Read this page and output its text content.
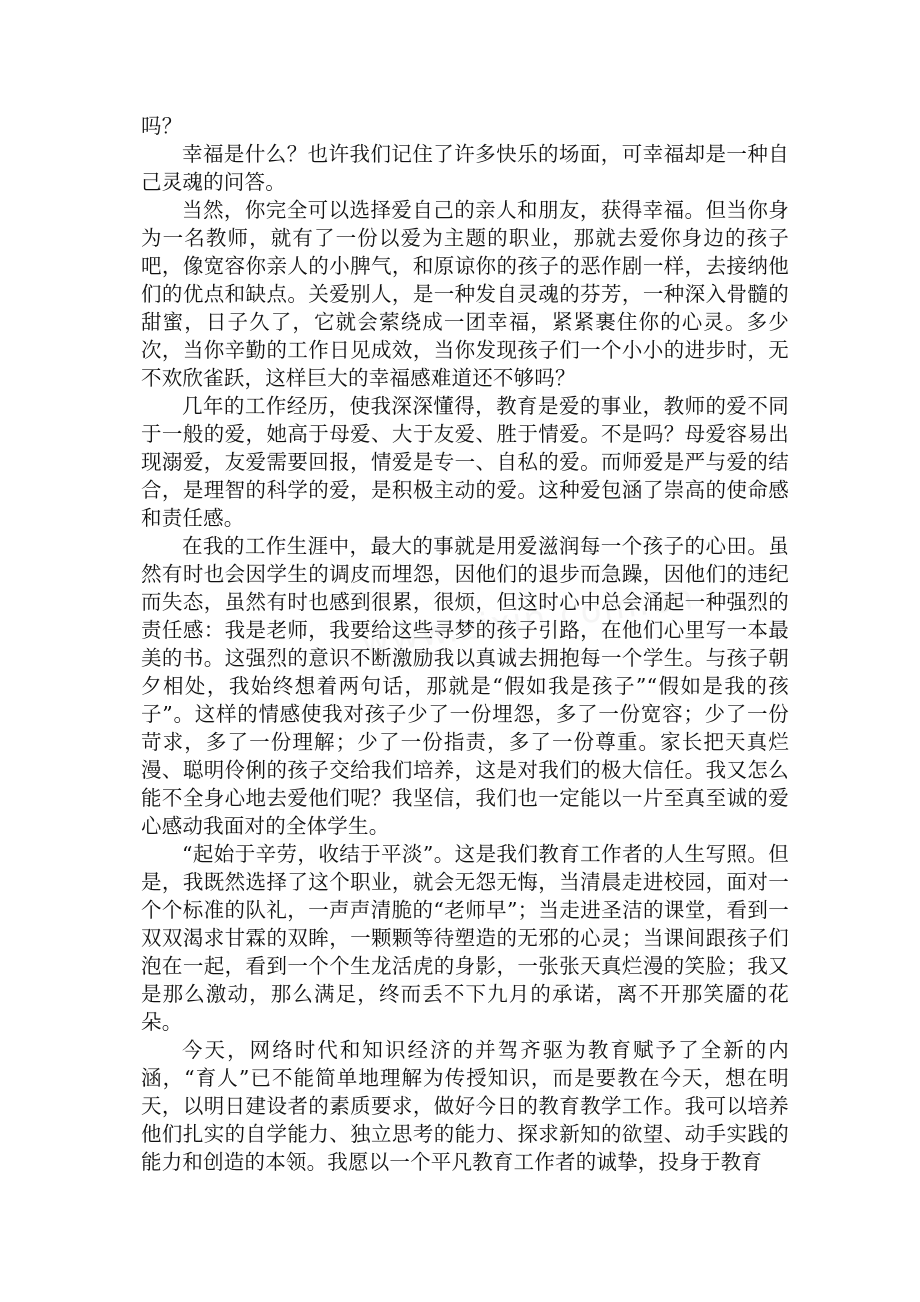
吗？

幸福是什么？也许我们记住了许多快乐的场面，可幸福却是一种自己灵魂的问答。

当然，你完全可以选择爱自己的亲人和朋友，获得幸福。但当你身为一名教师，就有了一份以爱为主题的职业，那就去爱你身边的孩子吧，像宽容你亲人的小脾气，和原谅你的孩子的恶作剧一样，去接纳他们的优点和缺点。关爱别人，是一种发自灵魂的芬芳，一种深入骨髓的甜蜜，日子久了，它就会萦绕成一团幸福，紧紧裹住你的心灵。多少次，当你辛勤的工作日见成效，当你发现孩子们一个小小的进步时，无不欢欣雀跃，这样巨大的幸福感难道还不够吗？

几年的工作经历，使我深深懂得，教育是爱的事业，教师的爱不同于一般的爱，她高于母爱、大于友爱、胜于情爱。不是吗？母爱容易出现溺爱，友爱需要回报，情爱是专一、自私的爱。而师爱是严与爱的结合，是理智的科学的爱，是积极主动的爱。这种爱包涵了崇高的使命感和责任感。

在我的工作生涯中，最大的事就是用爱滋润每一个孩子的心田。虽然有时也会因学生的调皮而埋怨，因他们的退步而急躁，因他们的违纪而失态，虽然有时也感到很累，很烦，但这时心中总会涌起一种强烈的责任感：我是老师，我要给这些寻梦的孩子引路，在他们心里写一本最美的书。这强烈的意识不断激励我以真诚去拥抱每一个学生。与孩子朝夕相处，我始终想着两句话，那就是“假如我是孩子”“假如是我的孩子”。这样的情感使我对孩子少了一份埋怨，多了一份宽容；少了一份苛求，多了一份理解；少了一份指责，多了一份尊重。家长把天真烂漫、聪明伶俐的孩子交给我们培养，这是对我们的极大信任。我又怎么能不全身心地去爱他们呢？我坚信，我们也一定能以一片至真至诚的爱心感动我面对的全体学生。

“起始于辛劳，收结于平淡”。这是我们教育工作者的人生写照。但是，我既然选择了这个职业，就会无怨无悔，当清晨走进校园，面对一个个标准的队礼，一声声清脆的“老师早”；当走进圣洁的课堂，看到一双双渴求甘霖的双眸，一颗颗等待塑造的无邪的心灵；当课间跟孩子们泡在一起，看到一个个生龙活虎的身影，一张张天真烂漫的笑脸；我又是那么激动，那么满足，终而丢不下九月的承诺，离不开那笑靥的花朵。

今天，网络时代和知识经济的并驾齐驱为教育赋予了全新的内涵，“育人”已不能简单地理解为传授知识，而是要教在今天，想在明天，以明日建设者的素质要求，做好今日的教育教学工作。我可以培养他们扎实的自学能力、独立思考的能力、探求新知的欲望、动手实践的能力和创造的本领。我愿以一个平凡教育工作者的诚挚，投身于教育
